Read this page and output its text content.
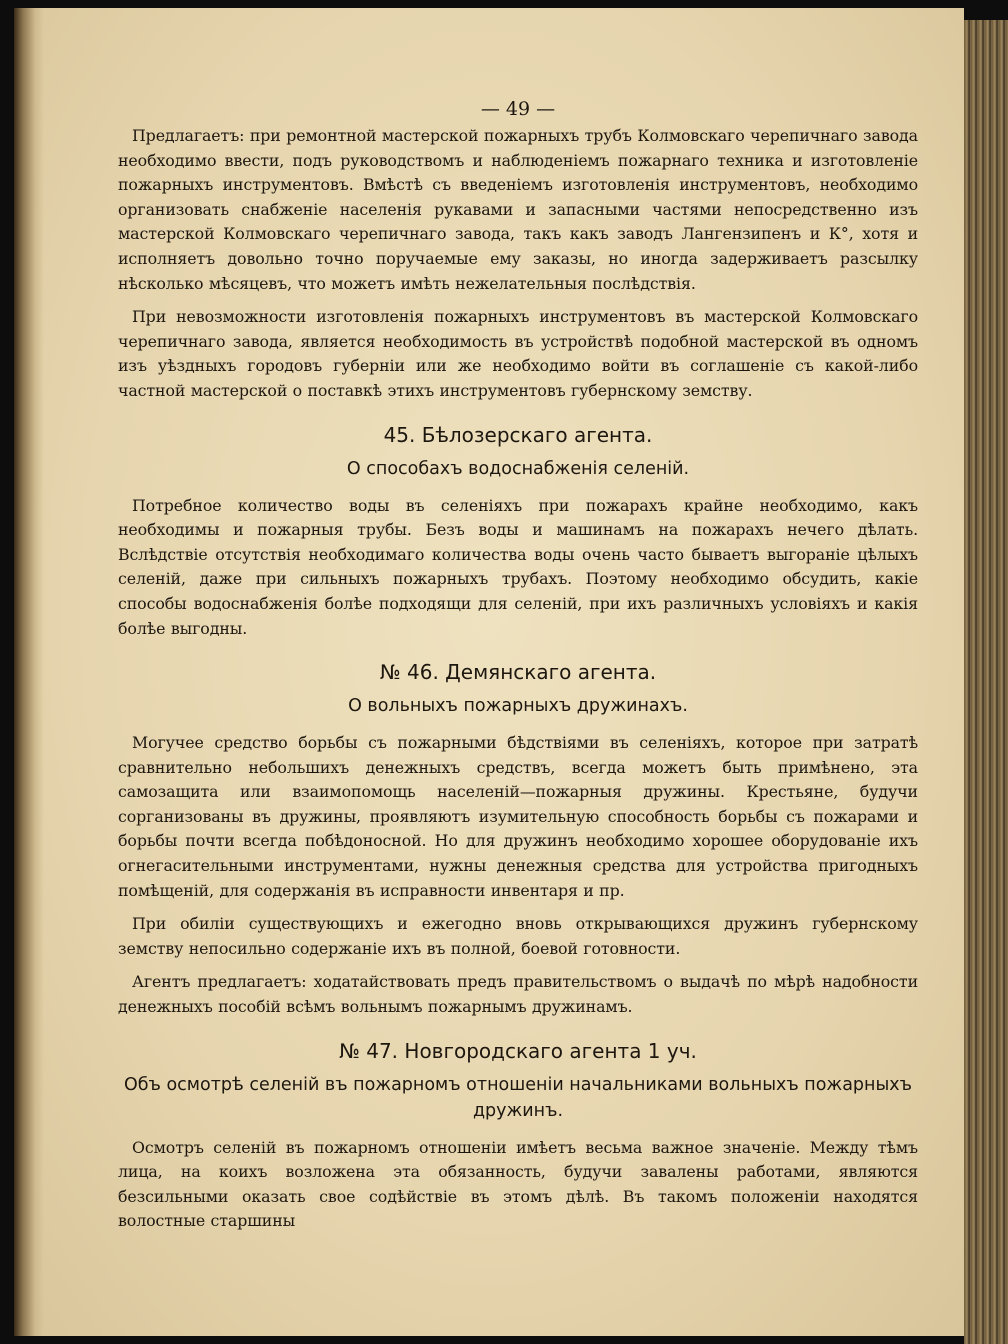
— 49 —

Предлагаетъ: при ремонтной мастерской пожарныхъ трубъ Колмовскаго черепичнаго завода необходимо ввести, подъ руководствомъ и наблюденіемъ пожарнаго техника и изготовленіе пожарныхъ инструментовъ. Вмѣстѣ съ введеніемъ изготовленія инструментовъ, необходимо организовать снабженіе населенія рукавами и запасными частями непосредственно изъ мастерской Колмовскаго черепичнаго завода, такъ какъ заводъ Лангензипенъ и К°, хотя и исполняетъ довольно точно поручаемые ему заказы, но иногда задерживаетъ разсылку нѣсколько мѣсяцевъ, что можетъ имѣть нежелательныя послѣдствія.

При невозможности изготовленія пожарныхъ инструментовъ въ мастерской Колмовскаго черепичнаго завода, является необходимость въ устройствѣ подобной мастерской въ одномъ изъ уѣздныхъ городовъ губерніи или же необходимо войти въ соглашеніе съ какой-либо частной мастерской о поставкѣ этихъ инструментовъ губернскому земству.

45. Бѣлозерскаго агента.
О способахъ водоснабженія селеній.

Потребное количество воды въ селеніяхъ при пожарахъ крайне необходимо, какъ необходимы и пожарныя трубы. Безъ воды и машинамъ на пожарахъ нечего дѣлать. Вслѣдствіе отсутствія необходимаго количества воды очень часто бываетъ выгораніе цѣлыхъ селеній, даже при сильныхъ пожарныхъ трубахъ. Поэтому необходимо обсудить, какіе способы водоснабженія болѣе подходящи для селеній, при ихъ различныхъ условіяхъ и какія болѣе выгодны.

№ 46. Демянскаго агента.
О вольныхъ пожарныхъ дружинахъ.

Могучее средство борьбы съ пожарными бѣдствіями въ селеніяхъ, которое при затратѣ сравнительно небольшихъ денежныхъ средствъ, всегда можетъ быть примѣнено, эта самозащита или взаимопомощь населеній—пожарныя дружины. Крестьяне, будучи сорганизованы въ дружины, проявляютъ изумительную способность борьбы съ пожарами и борьбы почти всегда побѣдоносной. Но для дружинъ необходимо хорошее оборудованіе ихъ огнегасительными инструментами, нужны денежныя средства для устройства пригодныхъ помѣщеній, для содержанія въ исправности инвентаря и пр.

При обиліи существующихъ и ежегодно вновь открывающихся дружинъ губернскому земству непосильно содержаніе ихъ въ полной, боевой готовности.

Агентъ предлагаетъ: ходатайствовать предъ правительствомъ о выдачѣ по мѣрѣ надобности денежныхъ пособій всѣмъ вольнымъ пожарнымъ дружинамъ.

№ 47. Новгородскаго агента 1 уч.
Объ осмотрѣ селеній въ пожарномъ отношеніи начальниками вольныхъ пожарныхъ дружинъ.

Осмотръ селеній въ пожарномъ отношеніи имѣетъ весьма важное значеніе. Между тѣмъ лица, на коихъ возложена эта обязанность, будучи завалены работами, являются безсильными оказать свое содѣйствіе въ этомъ дѣлѣ. Въ такомъ положеніи находятся волостные старшины
